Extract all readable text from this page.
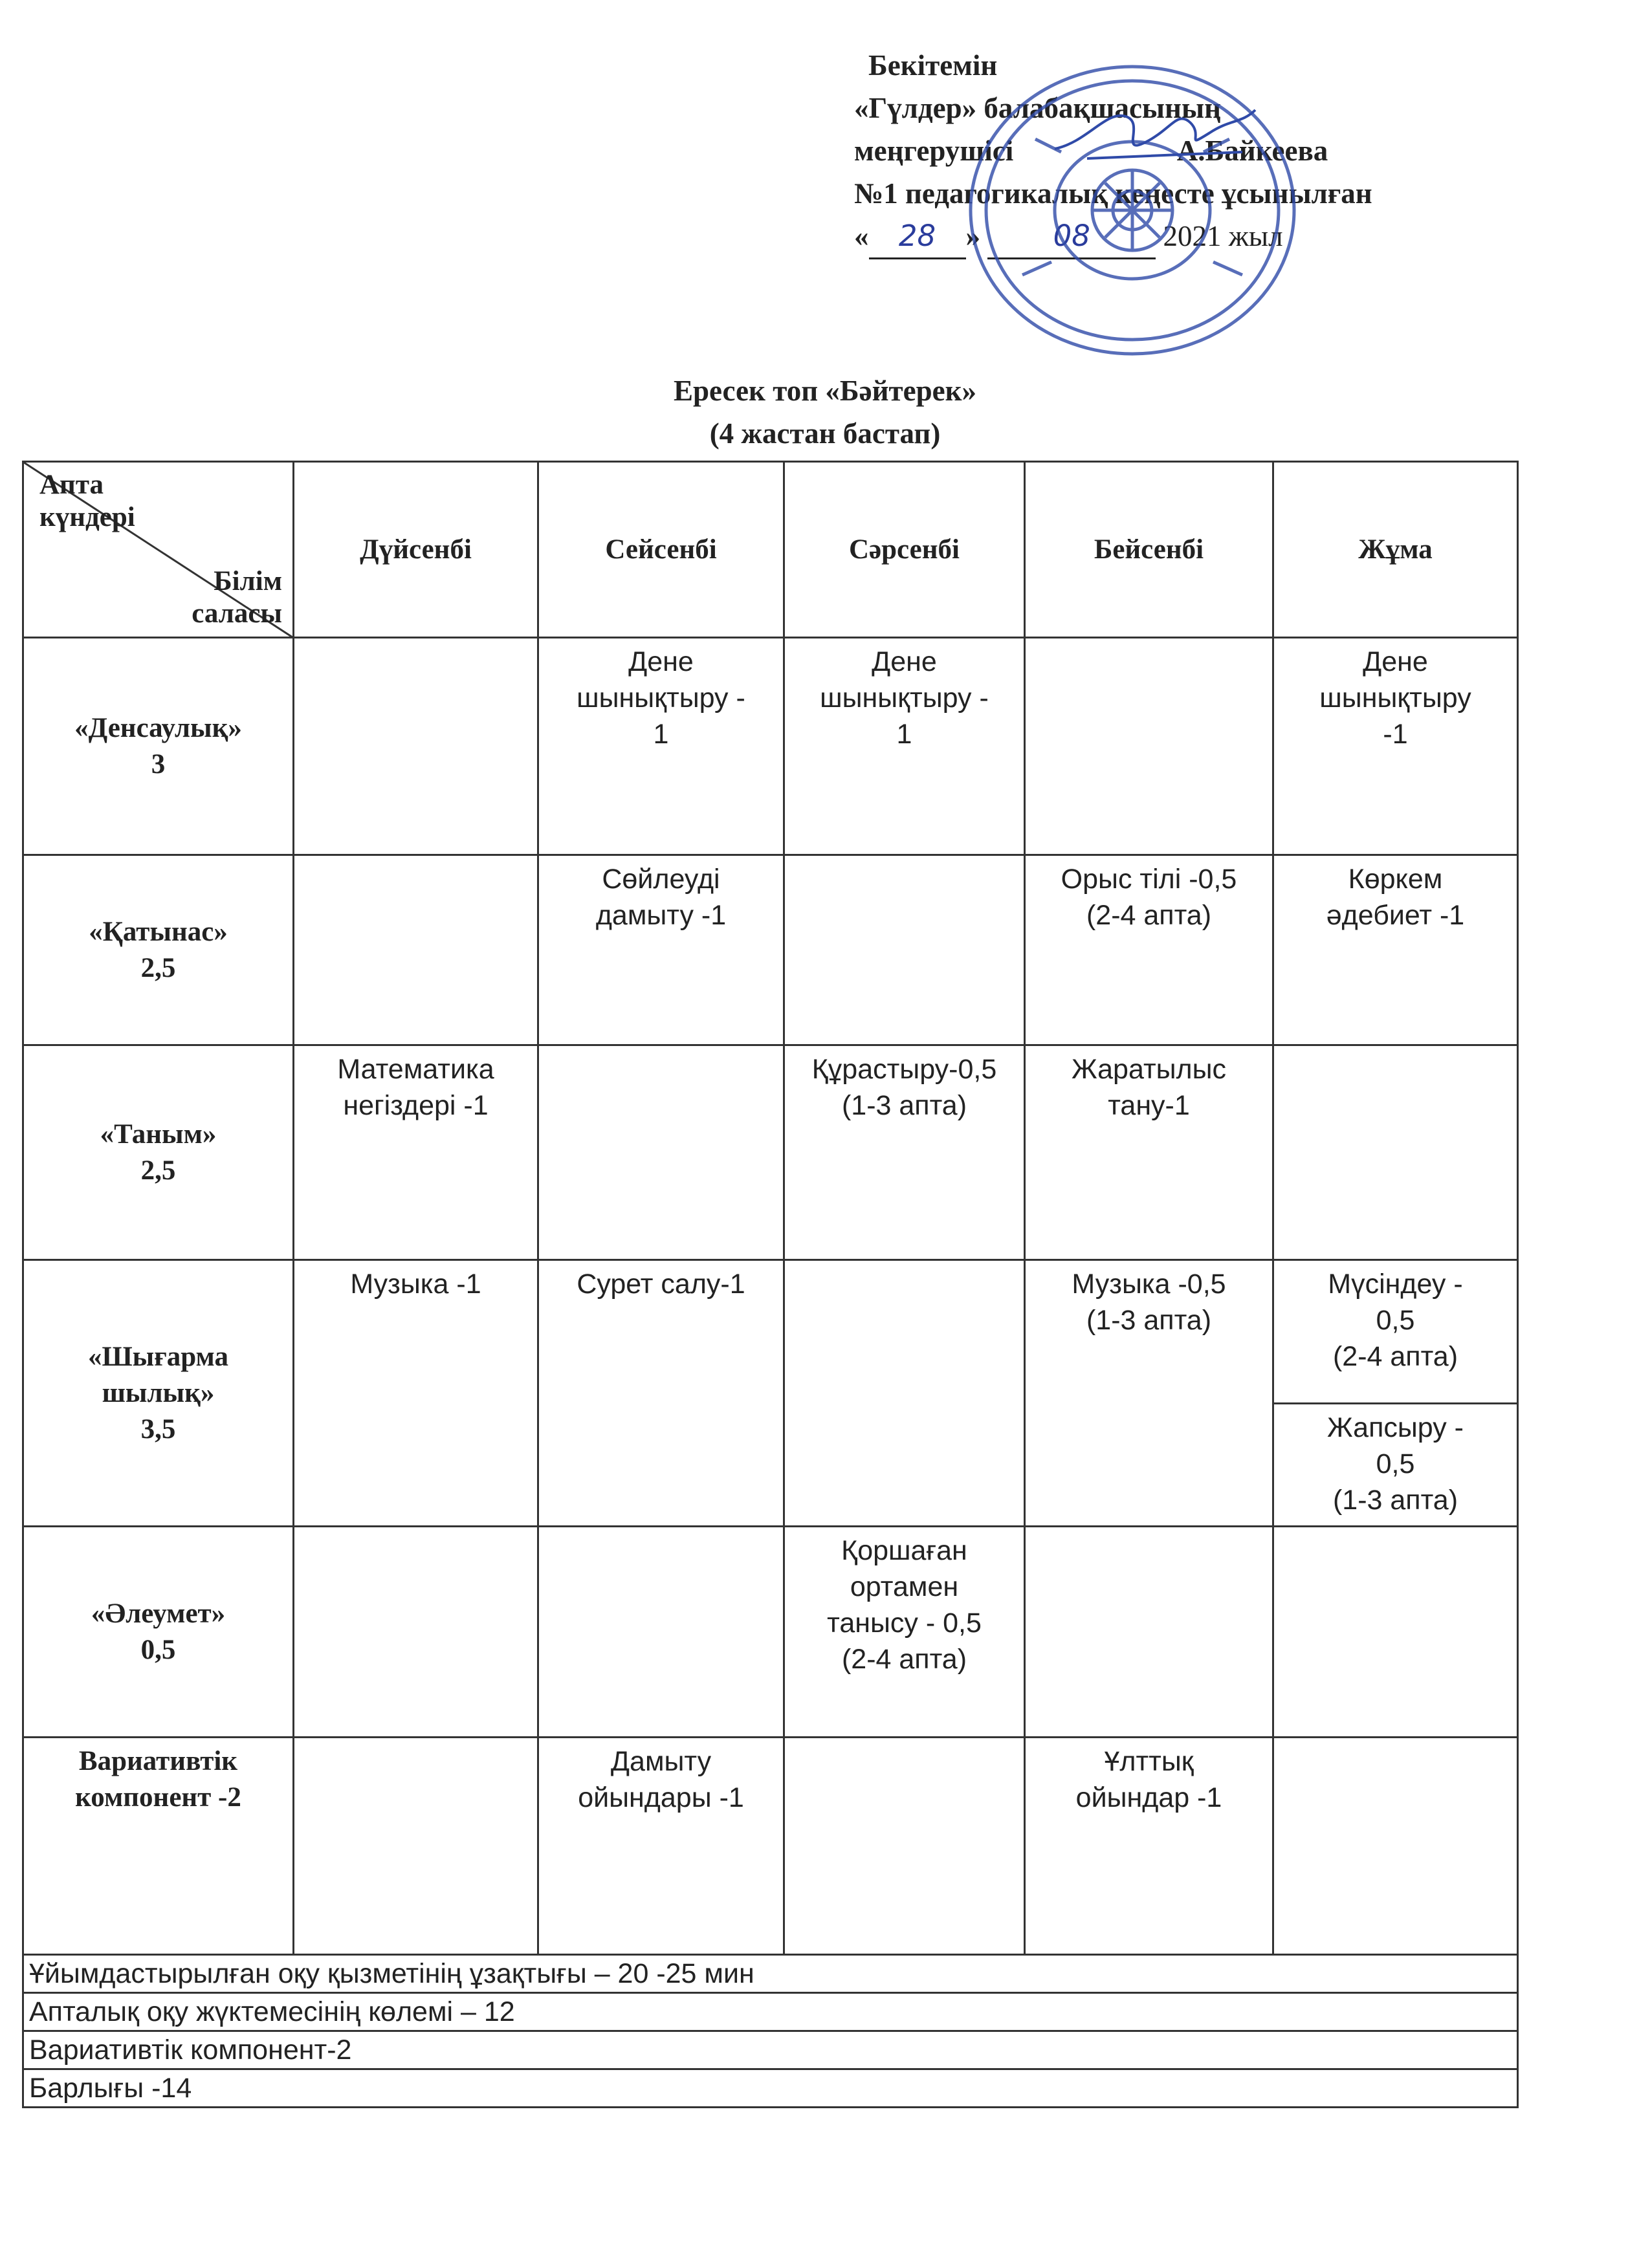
Бекітемін
«Гүлдер» балабақшасының
меңгерушісі	А.Байкеева
№1 педагогикалық кеңесте ұсынылған
« 28 »	08	2021 жыл
Ересек топ «Бәйтерек»
(4 жастан бастап)
Апта
күндері
Білім
саласы	Дүйсенбі	Сейсенбі	Сәрсенбі	Бейсенбі	Жұма
«Денсаулық»
3		Дене
шынықтыру -
1	Дене
шынықтыру -
1		Дене
шынықтыру
-1
«Қатынас»
2,5		Сөйлеуді
дамыту -1		Орыс тілі -0,5
(2-4 апта)	Көркем
әдебиет -1
«Таным»
2,5	Математика
негіздері -1		Құрастыру-0,5
(1-3 апта)	Жаратылыс
тану-1	
«Шығарма
шылық»
3,5	Музыка -1	Сурет салу-1		Музыка -0,5
(1-3 апта)	Мүсіндеу -
0,5
(2-4 апта)
					Жапсыру -
0,5
(1-3 апта)
«Әлеумет»
0,5			Қоршаған
ортамен
танысу - 0,5
(2-4 апта)		
Вариативтік
компонент -2		Дамыту
ойындары -1		Ұлттық
ойындар -1	
Ұйымдастырылған оқу қызметінің ұзақтығы – 20 -25 мин					
Апталық оқу жүктемесінің көлемі – 12					
Вариативтік компонент-2					
Барлығы -14					
